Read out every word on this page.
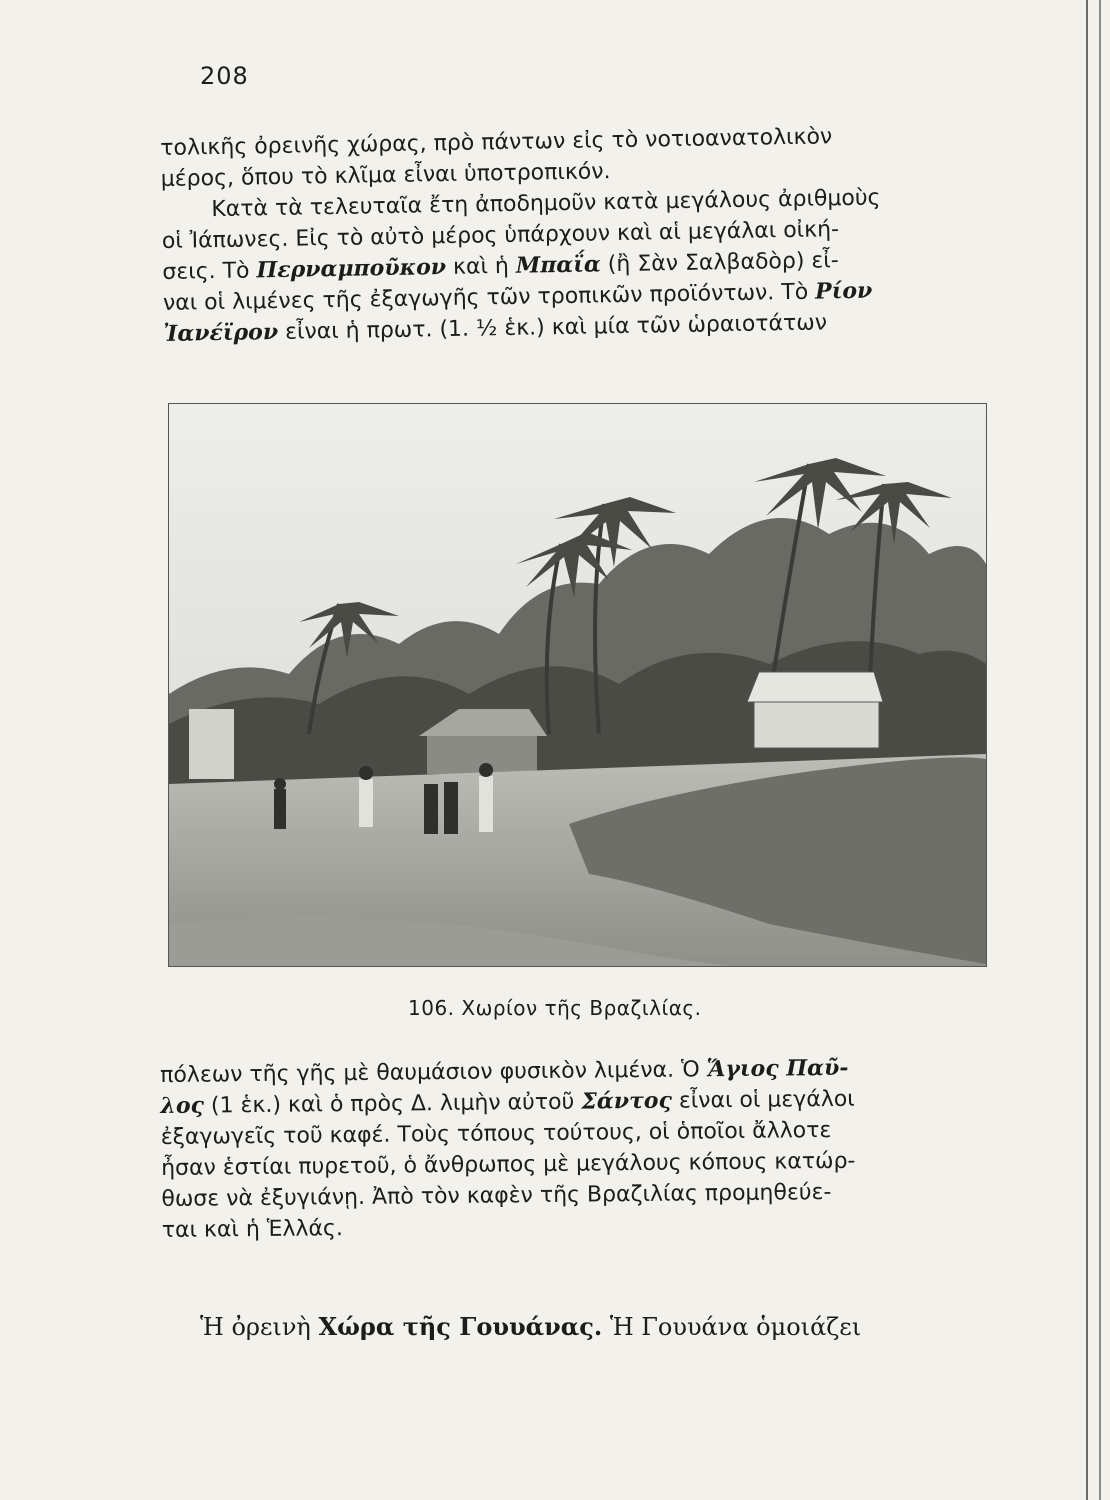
208

τολικῆς ὀρεινῆς χώρας, πρὸ πάντων εἰς τὸ νοτιοανατολικὸν
μέρος, ὅπου τὸ κλῖμα εἶναι ὑποτροπικόν.
Κατὰ τὰ τελευταῖα ἔτη ἀποδημοῦν κατὰ μεγάλους ἀριθμοὺς
οἱ Ἰάπωνες. Εἰς τὸ αὐτὸ μέρος ὑπάρχουν καὶ αἱ μεγάλαι οἰκή-
σεις. Τὸ Περναμποῦκον καὶ ἡ Μπαΐα (ἢ Σὰν Σαλβαδὸρ) εἶ-
ναι οἱ λιμένες τῆς ἐξαγωγῆς τῶν τροπικῶν προϊόντων. Τὸ Ρίον
Ἰανέϊρον εἶναι ἡ πρωτ. (1. ½ ἑκ.) καὶ μία τῶν ὡραιοτάτων

106. Χωρίον τῆς Βραζιλίας.

πόλεων τῆς γῆς μὲ θαυμάσιον φυσικὸν λιμένα. Ὁ Ἅγιος Παῦ-
λος (1 ἑκ.) καὶ ὁ πρὸς Δ. λιμὴν αὐτοῦ Σάντος εἶναι οἱ μεγάλοι
ἐξαγωγεῖς τοῦ καφέ. Τοὺς τόπους τούτους, οἱ ὁποῖοι ἄλλοτε
ἦσαν ἑστίαι πυρετοῦ, ὁ ἄνθρωπος μὲ μεγάλους κόπους κατώρ-
θωσε νὰ ἐξυγιάνῃ. Ἀπὸ τὸν καφὲν τῆς Βραζιλίας προμηθεύε-
ται καὶ ἡ Ἑλλάς.

Ἡ ὀρεινὴ Χώρα τῆς Γουυάνας. Ἡ Γουυάνα ὁμοιάζει
